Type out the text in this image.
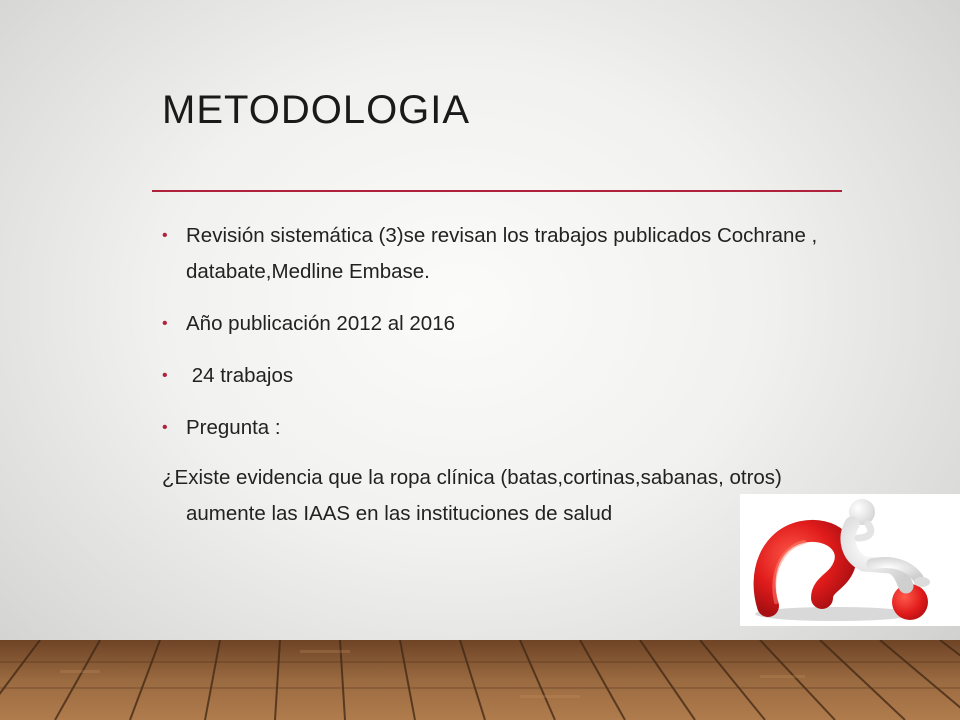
METODOLOGIA
• Revisión sistemática (3)se revisan los trabajos publicados Cochrane , databate,Medline Embase.
• Año publicación 2012 al 2016
• 24 trabajos
• Pregunta :

¿Existe evidencia que la ropa clínica (batas,cortinas,sabanas, otros) aumente las IAAS en las instituciones de salud
